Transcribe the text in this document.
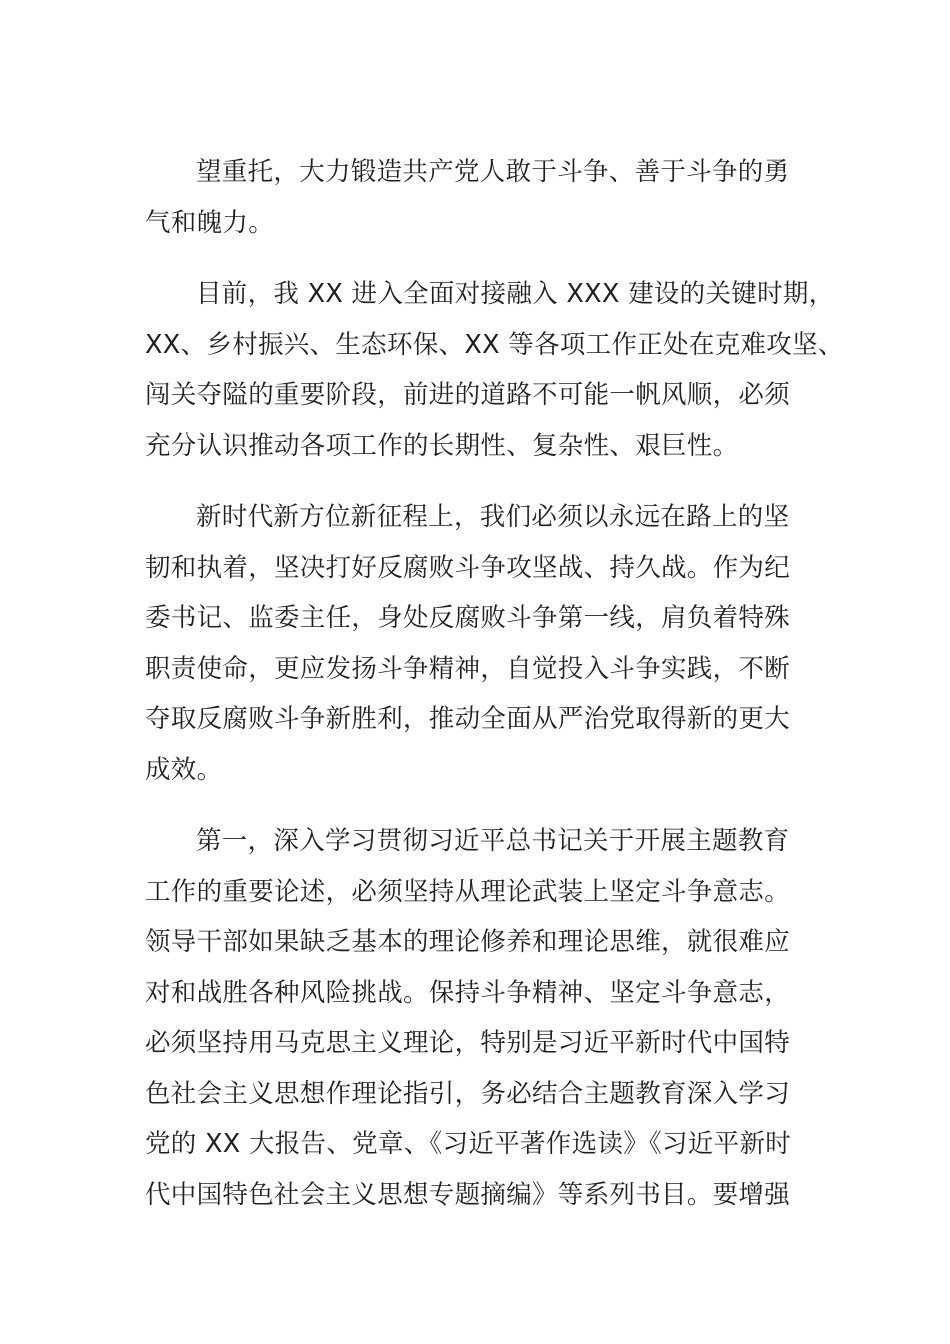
望重托，大力锻造共产党人敢于斗争、善于斗争的勇
气和魄力。

目前，我 XX 进入全面对接融入 XXX 建设的关键时期，
XX、乡村振兴、生态环保、XX 等各项工作正处在克难攻坚、
闯关夺隘的重要阶段，前进的道路不可能一帆风顺，必须
充分认识推动各项工作的长期性、复杂性、艰巨性。

新时代新方位新征程上，我们必须以永远在路上的坚
韧和执着，坚决打好反腐败斗争攻坚战、持久战。作为纪
委书记、监委主任，身处反腐败斗争第一线，肩负着特殊
职责使命，更应发扬斗争精神，自觉投入斗争实践，不断
夺取反腐败斗争新胜利，推动全面从严治党取得新的更大
成效。

第一，深入学习贯彻习近平总书记关于开展主题教育
工作的重要论述，必须坚持从理论武装上坚定斗争意志。
领导干部如果缺乏基本的理论修养和理论思维，就很难应
对和战胜各种风险挑战。保持斗争精神、坚定斗争意志，
必须坚持用马克思主义理论，特别是习近平新时代中国特
色社会主义思想作理论指引，务必结合主题教育深入学习
党的 XX 大报告、党章、《习近平著作选读》《习近平新时
代中国特色社会主义思想专题摘编》等系列书目。要增强
